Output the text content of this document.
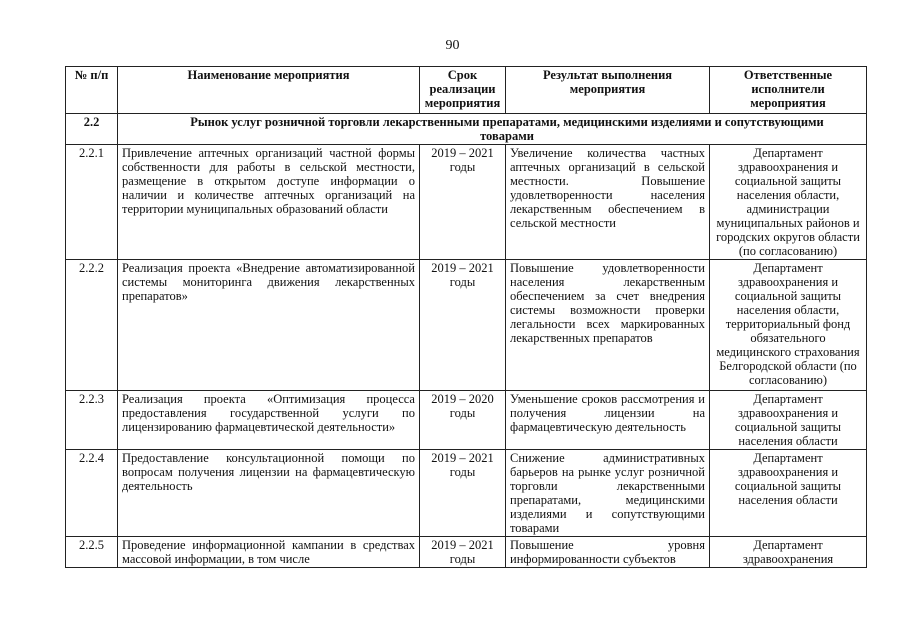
90
№ п/п	Наименование мероприятия	Срок реализации мероприятия	Результат выполнения мероприятия	Ответственные исполнители мероприятия
2.2	Рынок услуг розничной торговли лекарственными препаратами, медицинскими изделиями и сопутствующими товарами			
2.2.1	Привлечение аптечных организаций частной формы собственности для работы в сельской местности, размещение в открытом доступе информации о наличии и количестве аптечных организаций на территории муниципальных образований области	2019 – 2021 годы	Увеличение количества частных аптечных организаций в сельской местности. Повышение удовлетворенности населения лекарственным обеспечением в сельской местности	Департамент здравоохранения и социальной защиты населения области, администрации муниципальных районов и городских округов области (по согласованию)
2.2.2	Реализация проекта «Внедрение автоматизированной системы мониторинга движения лекарственных препаратов»	2019 – 2021 годы	Повышение удовлетворенности населения лекарственным обеспечением за счет внедрения системы возможности проверки легальности всех маркированных лекарственных препаратов	Департамент здравоохранения и социальной защиты населения области, территориальный фонд обязательного медицинского страхования Белгородской области (по согласованию)
2.2.3	Реализация проекта «Оптимизация процесса предоставления государственной услуги по лицензированию фармацевтической деятельности»	2019 – 2020 годы	Уменьшение сроков рассмотрения и получения лицензии на фармацевтическую деятельность	Департамент здравоохранения и социальной защиты населения области
2.2.4	Предоставление консультационной помощи по вопросам получения лицензии на фармацевтическую деятельность	2019 – 2021 годы	Снижение административных барьеров на рынке услуг розничной торговли лекарственными препаратами, медицинскими изделиями и сопутствующими товарами	Департамент здравоохранения и социальной защиты населения области
2.2.5	Проведение информационной кампании в средствах массовой информации, в том числе	2019 – 2021 годы	Повышение уровня информированности субъектов	Департамент здравоохранения
